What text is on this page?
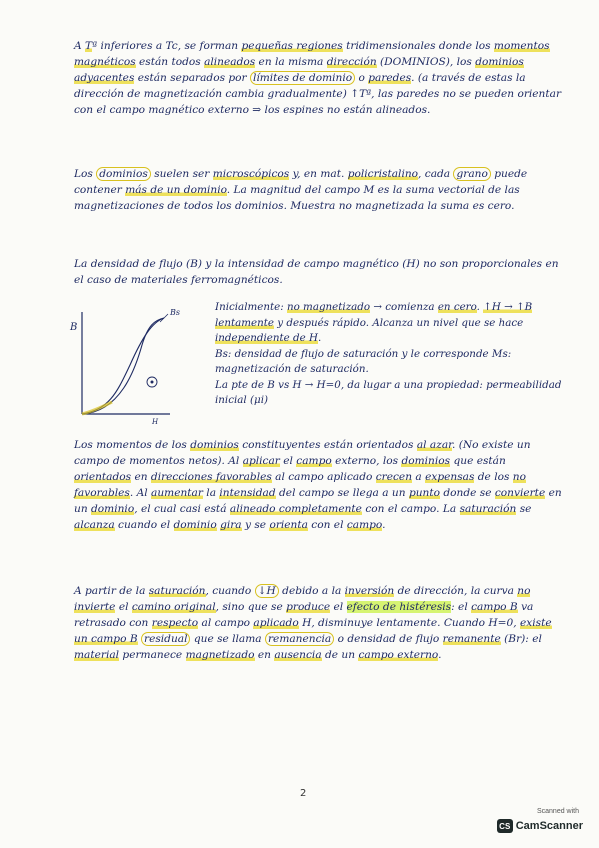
A Tª inferiores a Tc, se forman pequeñas regiones tridimensionales donde los momentos magnéticos están todos alineados en la misma dirección (DOMINIOS), los dominios adyacentes están separados por límites de dominio o paredes. (a través de estas la dirección de magnetización cambia gradualmente) ↑Tª, las paredes no se pueden orientar con el campo magnético externo ⇒ los espines no están alineados.
Los dominios suelen ser microscópicos y, en mat. policristalino, cada grano puede contener más de un dominio. La magnitud del campo M es la suma vectorial de las magnetizaciones de todos los dominios. Muestra no magnetizada la suma es cero.
La densidad de flujo (B) y la intensidad de campo magnético (H) no son proporcionales en el caso de materiales ferromagnéticos.
B
H
Bs	Inicialmente: no magnetizado → comienza en cero. ↑H → ↑B lentamente y después rápido. Alcanza un nivel que se hace independiente de H.
Bs: densidad de flujo de saturación y le corresponde Ms: magnetización de saturación.
La pte de B vs H → H=0, da lugar a una propiedad: permeabilidad inicial (μi)
Los momentos de los dominios constituyentes están orientados al azar. (No existe un campo de momentos netos). Al aplicar el campo externo, los dominios que están orientados en direcciones favorables al campo aplicado crecen a expensas de los no favorables. Al aumentar la intensidad del campo se llega a un punto donde se convierte en un dominio, el cual casi está alineado completamente con el campo. La saturación se alcanza cuando el dominio gira y se orienta con el campo.
A partir de la saturación, cuando ↓H debido a la inversión de dirección, la curva no invierte el camino original, sino que se produce el efecto de histéresis: el campo B va retrasado con respecto al campo aplicado H, disminuye lentamente. Cuando H=0, existe un campo B residual que se llama remanencia o densidad de flujo remanente (Br): el material permanece magnetizado en ausencia de un campo externo.
2
Scanned with
CS CamScanner
